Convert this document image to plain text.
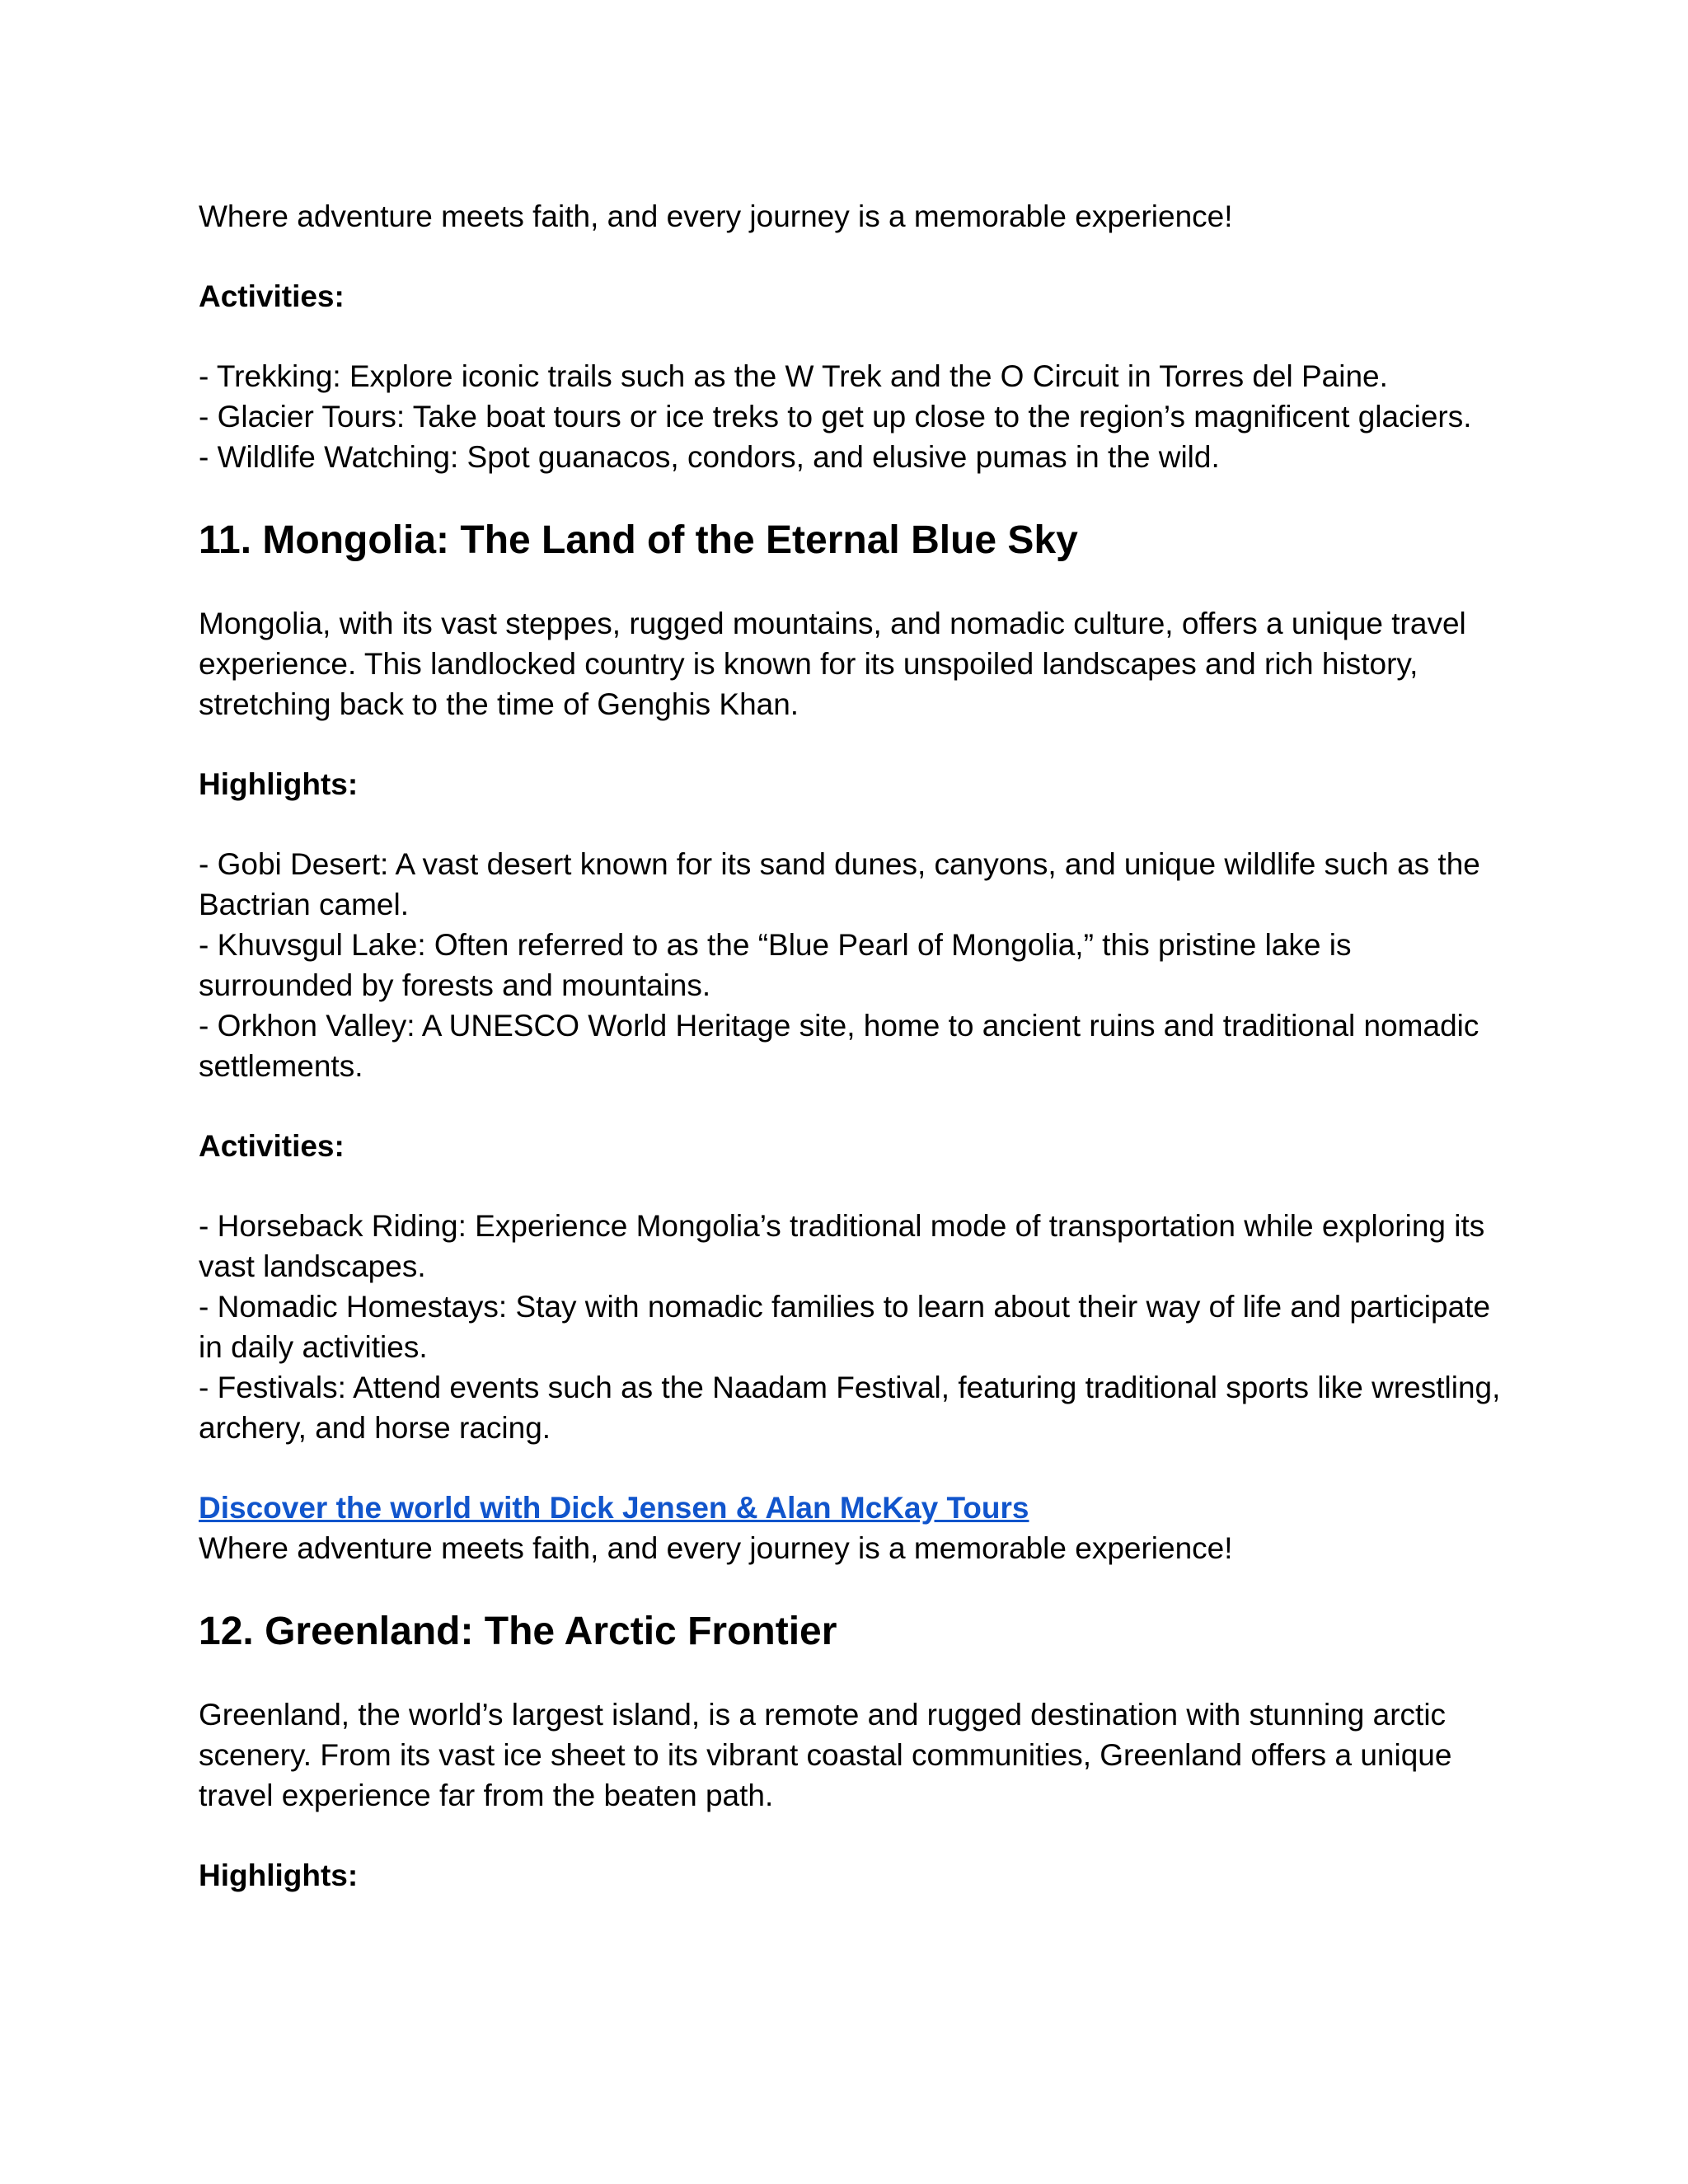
Where adventure meets faith, and every journey is a memorable experience!

Activities:

- Trekking: Explore iconic trails such as the W Trek and the O Circuit in Torres del Paine.

- Glacier Tours: Take boat tours or ice treks to get up close to the region’s magnificent glaciers.

- Wildlife Watching: Spot guanacos, condors, and elusive pumas in the wild.

11. Mongolia: The Land of the Eternal Blue Sky

Mongolia, with its vast steppes, rugged mountains, and nomadic culture, offers a unique travel experience. This landlocked country is known for its unspoiled landscapes and rich history, stretching back to the time of Genghis Khan.

Highlights:

- Gobi Desert: A vast desert known for its sand dunes, canyons, and unique wildlife such as the Bactrian camel.

- Khuvsgul Lake: Often referred to as the “Blue Pearl of Mongolia,” this pristine lake is surrounded by forests and mountains.

- Orkhon Valley: A UNESCO World Heritage site, home to ancient ruins and traditional nomadic settlements.

Activities:

- Horseback Riding: Experience Mongolia’s traditional mode of transportation while exploring its vast landscapes.

- Nomadic Homestays: Stay with nomadic families to learn about their way of life and participate in daily activities.

- Festivals: Attend events such as the Naadam Festival, featuring traditional sports like wrestling, archery, and horse racing.

Discover the world with Dick Jensen & Alan McKay Tours

Where adventure meets faith, and every journey is a memorable experience!

12. Greenland: The Arctic Frontier

Greenland, the world’s largest island, is a remote and rugged destination with stunning arctic scenery. From its vast ice sheet to its vibrant coastal communities, Greenland offers a unique travel experience far from the beaten path.

Highlights:
